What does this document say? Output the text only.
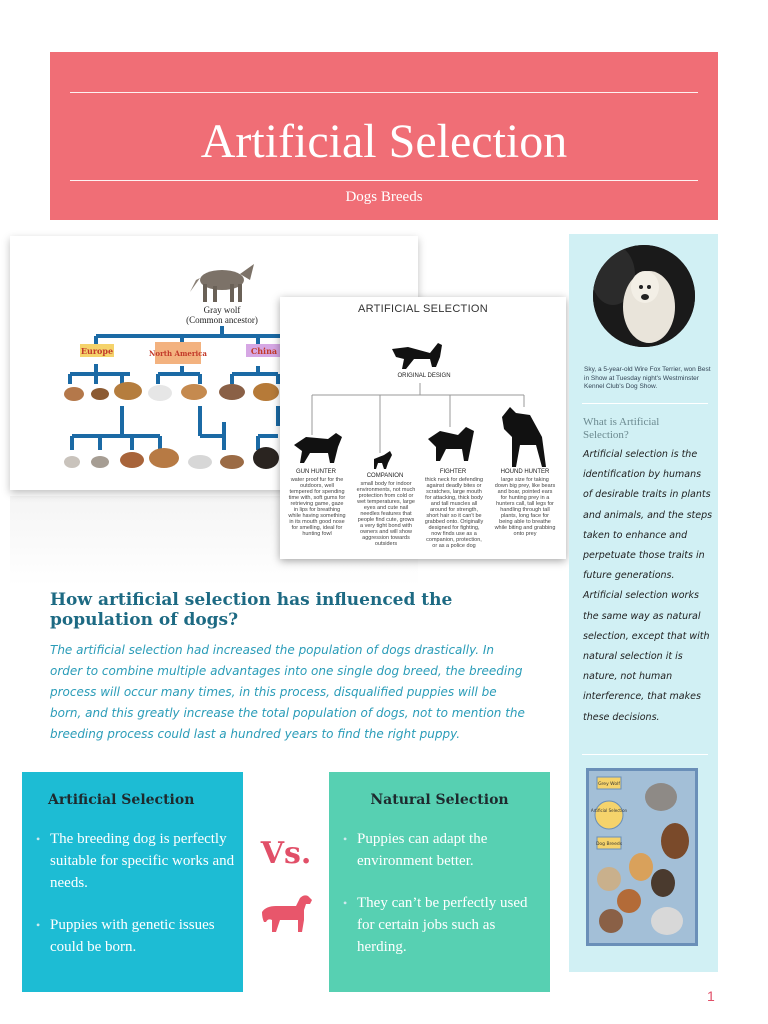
Artificial Selection
Dogs Breeds
Gray wolf
(Common ancestor)
Europe	North America	China
ARTIFICIAL SELECTION
ORIGINAL DESIGN
GUN HUNTER
water proof fur for the outdoors, well tempered for spending time with, soft gums for retrieving game, gaze in lips for breathing while having something in its mouth good nose for smelling, ideal for hunting fowl
COMPANION
small body for indoor environments, not much protection from cold or wet temperatures, large eyes and cute nail needles features that people find cute, grows a very tight bond with owners and will show aggression towards outsiders
FIGHTER
thick neck for defending against deadly bites or scratches, large mouth for attacking, thick body and tall muscles all around for strength, short hair so it can't be grabbed onto. Originally designed for fighting, now finds use as a companion, protection, or as a police dog
HOUND HUNTER
large size for taking down big prey, like bears and boar, pointed ears for hunting prey in a hunters call, tall legs for handling through tall plants, long face for being able to breathe while biting and grabbing onto prey
How artificial selection has influenced the population of dogs?
The artificial selection had increased the population of dogs drastically. In order to combine multiple advantages into one single dog breed, the breeding process will occur many times, in this process, disqualified puppies will be born, and this greatly increase the total population of dogs, not to mention the breeding process could last a hundred years to find the right puppy.
Artificial Selection
• The breeding dog is perfectly suitable for specific works and needs.
• Puppies with genetic issues could be born.
Vs.
Natural Selection
• Puppies can adapt the environment better.
• They can’t be perfectly used for certain jobs such as herding.
Sky, a 5-year-old Wire Fox Terrier, won Best in Show at Tuesday night's Westminster Kennel Club's Dog Show.
What is Artificial Selection?
Artificial selection is the identification by humans of desirable traits in plants and animals, and the steps taken to enhance and perpetuate those traits in future generations. Artificial selection works the same way as natural selection, except that with natural selection it is nature, not human interference, that makes these decisions.
Grey Wolf
Artificial Selection
Dog Breeds
1
